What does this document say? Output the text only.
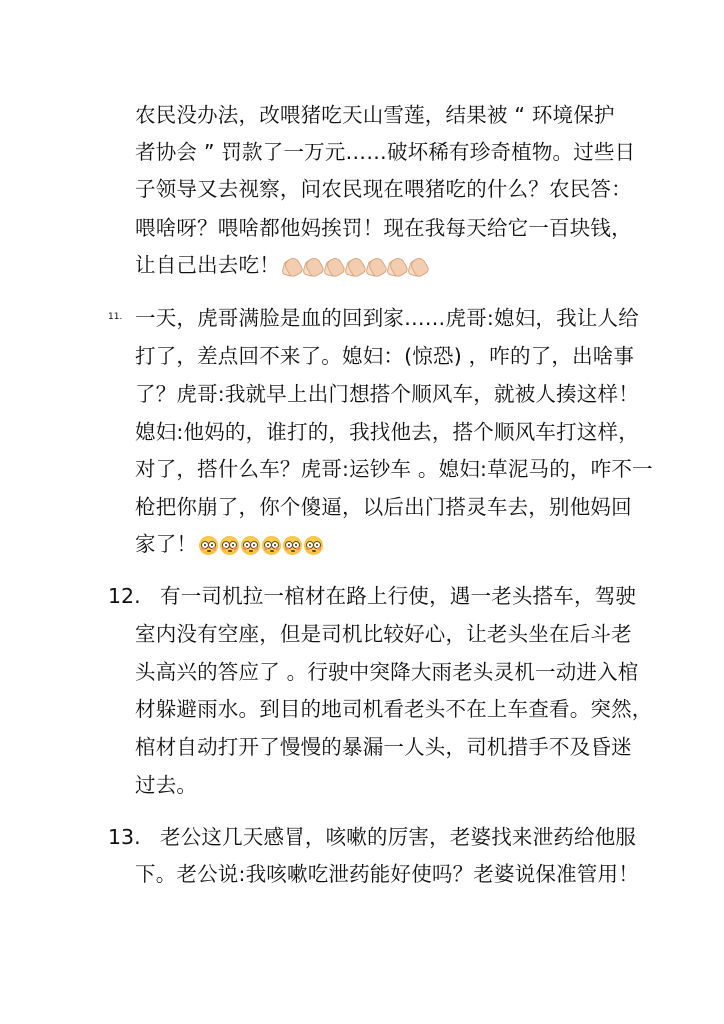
农民没办法，改喂猪吃天山雪莲，结果被 “ 环境保护
者协会 ” 罚款了一万元……破坏稀有珍奇植物。过些日
子领导又去视察，问农民现在喂猪吃的什么？农民答：
喂啥呀？喂啥都他妈挨罚！现在我每天给它一百块钱，
让自己出去吃！
11. 一天，虎哥满脸是血的回到家……虎哥:媳妇，我让人给
打了，差点回不来了。媳妇：(惊恐) ，咋的了，出啥事
了？虎哥:我就早上出门想搭个顺风车，就被人揍这样！
媳妇:他妈的，谁打的，我找他去，搭个顺风车打这样，
对了，搭什么车？虎哥:运钞车 。媳妇:草泥马的，咋不一
枪把你崩了，你个傻逼，以后出门搭灵车去，别他妈回
家了！
12. 有一司机拉一棺材在路上行使，遇一老头搭车，驾驶
室内没有空座，但是司机比较好心，让老头坐在后斗老
头高兴的答应了 。行驶中突降大雨老头灵机一动进入棺
材躲避雨水。到目的地司机看老头不在上车查看。突然，
棺材自动打开了慢慢的暴漏一人头，司机措手不及昏迷
过去。
13. 老公这几天感冒，咳嗽的厉害，老婆找来泄药给他服
下。老公说:我咳嗽吃泄药能好使吗？老婆说保准管用！
